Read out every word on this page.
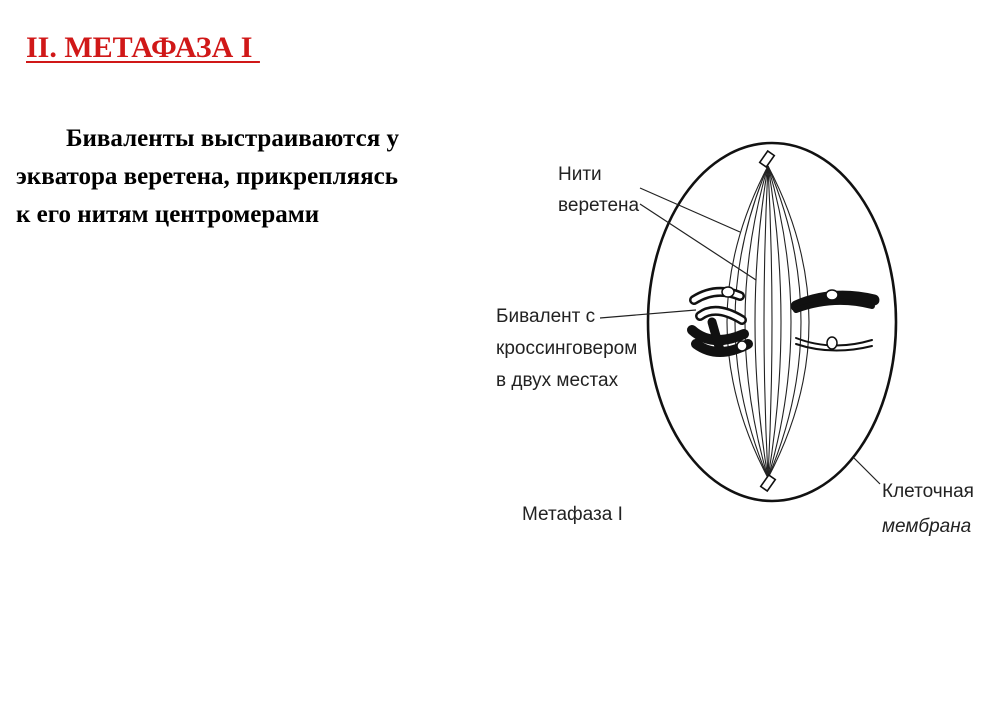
II. МЕТАФАЗА I
Биваленты выстраиваются у
экватора веретена, прикрепляясь
к его нитям центромерами
Нити
веретена
Бивалент с
кроссинговером
в двух местах
Метафаза I
Клеточная
мембрана
